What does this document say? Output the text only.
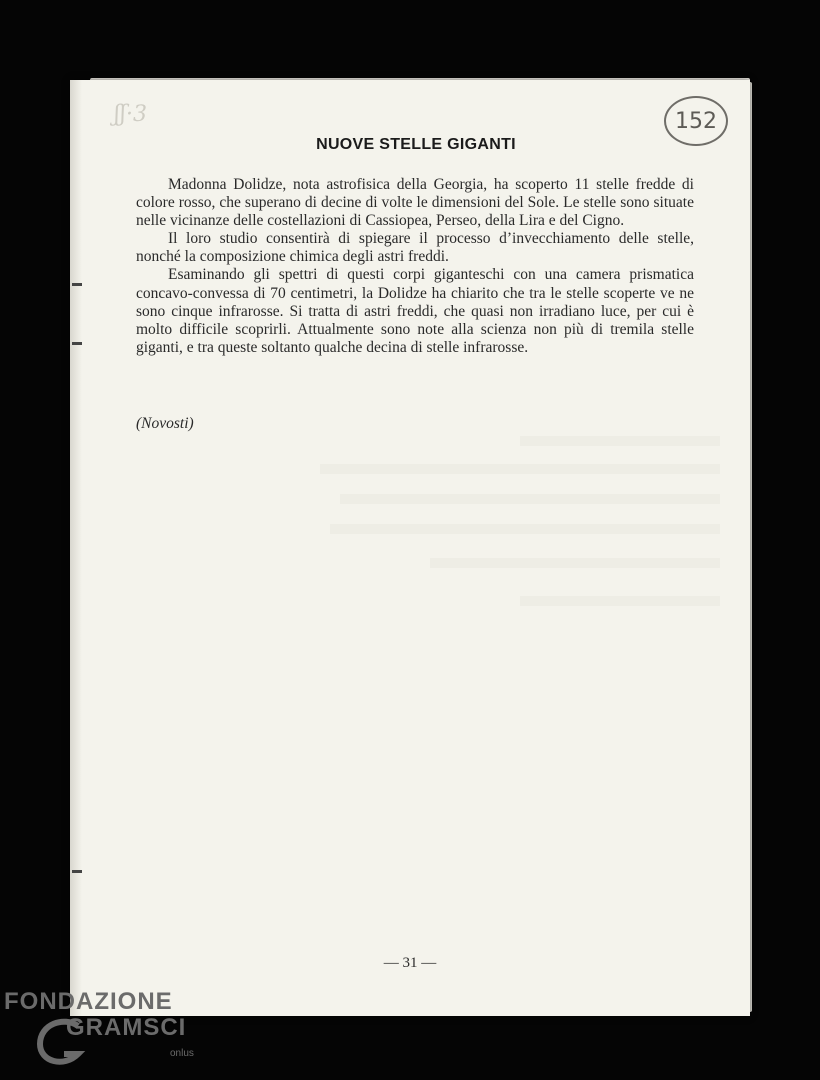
ʃʃ·3	152
NUOVE STELLE GIGANTI

Madonna Dolidze, nota astrofisica della Georgia, ha scoperto 11 stelle fredde di colore rosso, che superano di decine di volte le dimensioni del Sole. Le stelle sono situate nelle vicinanze delle costellazioni di Cassiopea, Perseo, della Lira e del Cigno.

Il loro studio consentirà di spiegare il processo d’invecchiamento delle stelle, nonché la composizione chimica degli astri freddi.

Esaminando gli spettri di questi corpi giganteschi con una camera prismatica concavo-convessa di 70 centimetri, la Dolidze ha chiarito che tra le stelle scoperte ve ne sono cinque infrarosse. Si tratta di astri freddi, che quasi non irradiano luce, per cui è molto difficile scoprirli. Attualmente sono note alla scienza non più di tremila stelle giganti, e tra queste soltanto qualche decina di stelle infrarosse.

(Novosti)
— 31 —
FONDAZIONE
GRAMSCI
onlus
